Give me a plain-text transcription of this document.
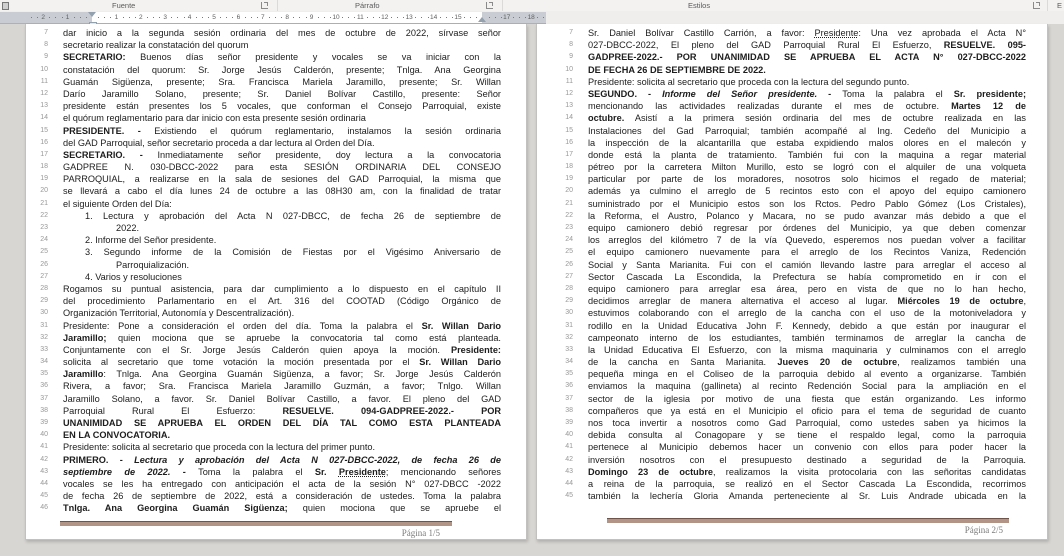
Fuente	Párrafo	Estilos	E
2	1	1	2	3	4	5	6	7	8	9	10	11	12	13	14	15	17	18
7 dar inicio a la segunda sesión ordinaria del mes de octubre de 2022, sírvase señor
8 secretario realizar la constatación del quorum
9 SECRETARIO: Buenos días señor presidente y vocales se va iniciar con la
10 constatación del quorum: Sr. Jorge Jesús Calderón, presente; Tnlga. Ana Georgina
11 Guamán Sigüenza, presente; Sra. Francisca Mariela Jaramillo, presente; Sr. Willan
12 Darío Jaramillo Solano, presente; Sr. Daniel Bolívar Castillo, presente: Señor
13 presidente están presentes los 5 vocales, que conforman el Consejo Parroquial, existe
14 el quórum reglamentario para dar inicio con esta presente sesión ordinaria
15 PRESIDENTE. - Existiendo el quórum reglamentario, instalamos la sesión ordinaria
16 del GAD Parroquial, señor secretario proceda a dar lectura al Orden del Día.
17 SECRETARIO. - Inmediatamente señor presidente, doy lectura a la convocatoria
18 GADPREE N. 030-DBCC-2022 para esta SESIÓN ORDINARIA DEL CONSEJO
19 PARROQUIAL, a realizarse en la sala de sesiones del GAD Parroquial, la misma que
20 se llevará a cabo el día lunes 24 de octubre a las 08H30 am, con la finalidad de tratar
21 el siguiente Orden del Día:
22	1. Lectura y aprobación del Acta N 027-DBCC, de fecha 26 de septiembre de
23	2022.
24	2. Informe del Señor presidente.
25	3. Segundo informe de la Comisión de Fiestas por el Vigésimo Aniversario de
26	Parroquialización.
27	4. Varios y resoluciones
28 Rogamos su puntual asistencia, para dar cumplimiento a lo dispuesto en el capítulo II
29 del procedimiento Parlamentario en el Art. 316 del COOTAD (Código Orgánico de
30 Organización Territorial, Autonomía y Descentralización).
31 Presidente: Pone a consideración el orden del día. Toma la palabra el Sr. Willan Dario
32 Jaramillo; quien mociona que se apruebe la convocatoria tal como está planteada.
33 Conjuntamente con el Sr. Jorge Jesús Calderón quien apoya la moción. Presidente:
34 solicita al secretario que tome votación la moción presentada por el Sr. Willan Dario
35 Jaramillo: Tnlga. Ana Georgina Guamán Sigüenza, a favor; Sr. Jorge Jesús Calderón
36 Rivera, a favor; Sra. Francisca Mariela Jaramillo Guzmán, a favor; Tnlgo. Willan
37 Jaramillo Solano, a favor. Sr. Daniel Bolívar Castillo, a favor. El pleno del GAD
38 Parroquial Rural El Esfuerzo: RESUELVE. 094-GADPREE-2022.- POR
39 UNANIMIDAD SE APRUEBA EL ORDEN DEL DÍA TAL COMO ESTA PLANTEADA
40 EN LA CONVOCATORIA.
41 Presidente: solicita al secretario que proceda con la lectura del primer punto.
42 PRIMERO. - Lectura y aprobación del Acta N 027-DBCC-2022, de fecha 26 de
43 septiembre de 2022. - Toma la palabra el Sr. Presidente; mencionando señores
44 vocales se les ha entregado con anticipación el acta de la sesión N° 027-DBCC -2022
45 de fecha 26 de septiembre de 2022, está a consideración de ustedes. Toma la palabra
46 Tnlga. Ana Georgina Guamán Sigüenza; quien mociona que se apruebe el
Página 1/5
7 Sr. Daniel Bolívar Castillo Carrión, a favor: Presidente: Una vez aprobada el Acta N°
8 027-DBCC-2022, El pleno del GAD Parroquial Rural El Esfuerzo, RESUELVE. 095-
9 GADPREE-2022.- POR UNANIMIDAD SE APRUEBA EL ACTA N° 027-DBCC-2022
10 DE FECHA 26 DE SEPTIEMBRE DE 2022.
11 Presidente: solicita al secretario que proceda con la lectura del segundo punto.
12 SEGUNDO. - Informe del Señor presidente. - Toma la palabra el Sr. presidente;
13 mencionando las actividades realizadas durante el mes de octubre. Martes 12 de
14 octubre. Asistí a la primera sesión ordinaria del mes de octubre realizada en las
15 Instalaciones del Gad Parroquial; también acompañé al Ing. Cedeño del Municipio a
16 la inspección de la alcantarilla que estaba expidiendo malos olores en el malecón y
17 donde está la planta de tratamiento. También fui con la maquina a regar material
18 pétreo por la carretera Milton Murillo, esto se logró con el alquiler de una volqueta
19 particular por parte de los moradores, nosotros solo hicimos el regado de material;
20 además ya culmino el arreglo de 5 recintos esto con el apoyo del equipo camionero
21 suministrado por el Municipio estos son los Rctos. Pedro Pablo Gómez (Los Cristales),
22 la Reforma, el Austro, Polanco y Macara, no se pudo avanzar más debido a que el
23 equipo camionero debió regresar por órdenes del Municipio, ya que deben comenzar
24 los arreglos del kilómetro 7 de la vía Quevedo, esperemos nos puedan volver a facilitar
25 el equipo camionero nuevamente para el arreglo de los Recintos Vaniza, Redención
26 Social y Santa Marianita. Fui con el camión llevando lastre para arreglar el acceso al
27 Sector Cascada La Escondida, la Prefectura se había comprometido en ir con el
28 equipo camionero para arreglar esa área, pero en vista de que no lo han hecho,
29 decidimos arreglar de manera alternativa el acceso al lugar. Miércoles 19 de octubre,
30 estuvimos colaborando con el arreglo de la cancha con el uso de la motoniveladora y
31 rodillo en la Unidad Educativa John F. Kennedy, debido a que están por inaugurar el
32 campeonato interno de los estudiantes, también terminamos de arreglar la cancha de
33 la Unidad Educativa El Esfuerzo, con la misma maquinaria y culminamos con el arreglo
34 de la cancha en Santa Marianita. Jueves 20 de octubre, realizamos también una
35 pequeña minga en el Coliseo de la parroquia debido al evento a organizarse. También
36 enviamos la maquina (gallineta) al recinto Redención Social para la ampliación en el
37 sector de la iglesia por motivo de una fiesta que están organizando. Les informo
38 compañeros que ya está en el Municipio el oficio para el tema de seguridad de cuanto
39 nos toca invertir a nosotros como Gad Parroquial, como ustedes saben ya hicimos la
40 debida consulta al Conagopare y se tiene el respaldo legal, como la parroquia
41 pertenece al Municipio debemos hacer un convenio con ellos para poder hacer la
42 inversión nosotros con el presupuesto destinado a seguridad de la Parroquia.
43 Domingo 23 de octubre, realizamos la visita protocolaria con las señoritas candidatas
44 a reina de la parroquia, se realizó en el Sector Cascada La Escondida, recorrimos
45 también la lechería Gloria Amanda perteneciente al Sr. Luis Andrade ubicada en la
Página 2/5
